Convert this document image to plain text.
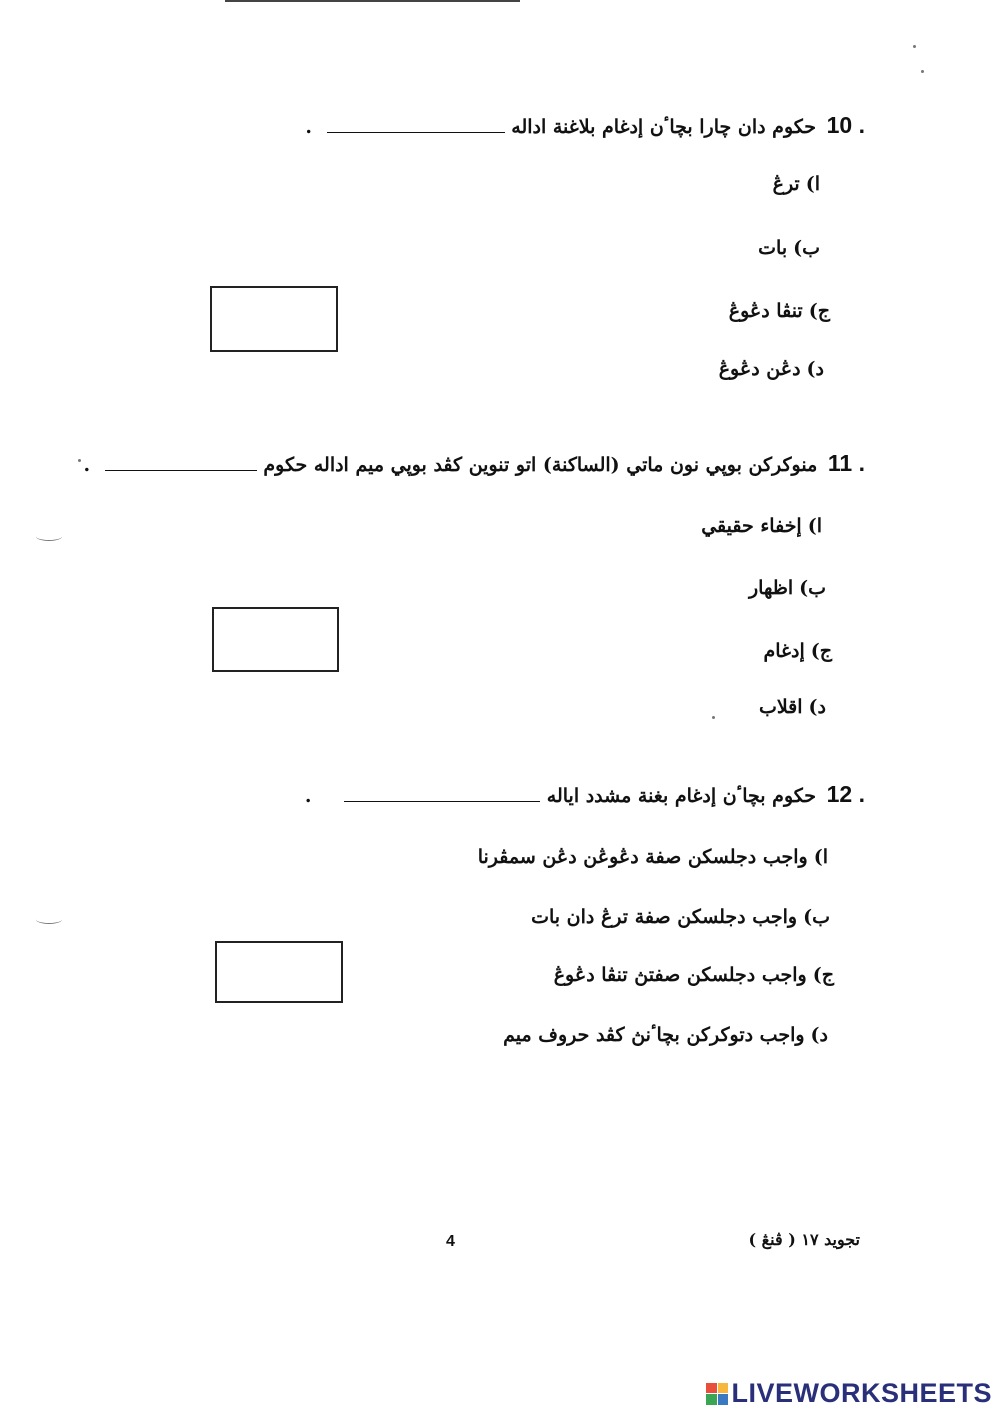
10 . حکوم دان چارا بچاٴن إدغام بلاغنة اداله  .
ا)ترڠ
ب)بات
ج)تنڤا دڠوڠ
د)دڠن دڠوڠ
11 . منوکرکن بوڽي نون ماتي (الساکنة) اتو تنوين کڤد بوڽي ميم اداله حکوم  .
ا)إخفاء حقيقي
ب)اظهار
ج)إدغام
د)اقلاب
12 . حکوم بچاٴن إدغام بغنة مشدد اياله  .
ا)واجب دجلسکن صفة دڠوڠن دڠن سمڤرنا
ب)واجب دجلسکن صفة ترڠ دان بات
ج)واجب دجلسکن صفتڽ تنڤا دڠوڠ
د)واجب دتوکرکن بچاٴنڽ کڤد حروف ميم
4	تجويد ١٧ ( ڤنڠ )
LIVEWORKSHEETS
